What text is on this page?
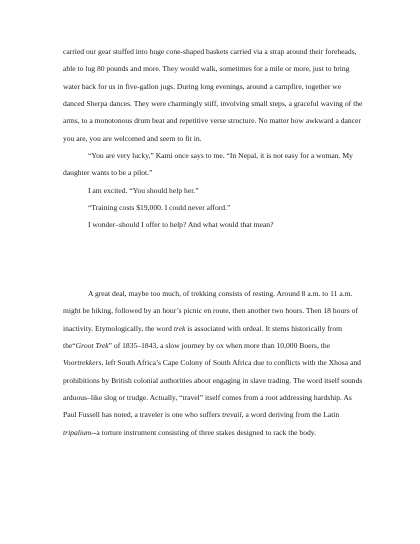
carried our gear stuffed into huge cone-shaped baskets carried via a strap around their foreheads, able to lug 80 pounds and more. They would walk, sometimes for a mile or more, just to bring water back for us in five-gallon jugs. During long evenings, around a campfire, together we danced Sherpa dances. They were charmingly stiff, involving small steps, a graceful waving of the arms, to a monotonous drum beat and repetitive verse structure. No matter how awkward a dancer you are, you are welcomed and seem to fit in.

“You are very lucky,” Kami once says to me. “In Nepal, it is not easy for a woman. My daughter wants to be a pilot.”

I am excited. “You should help her.”

“Training costs $19,000. I could never afford.”

I wonder–should I offer to help? And what would that mean?

A great deal, maybe too much, of trekking consists of resting. Around 8 a.m. to 11 a.m. might be hiking, followed by an hour’s picnic en route, then another two hours. Then 18 hours of inactivity. Etymologically, the word trek is associated with ordeal. It stems historically from the“Groot Trek” of 1835–1843, a slow journey by ox when more than 10,000 Boers, the Voortrekkers, left South Africa’s Cape Colony of South Africa due to conflicts with the Xhosa and prohibitions by British colonial authorities about engaging in slave trading. The word itself sounds arduous–like slog or trudge. Actually, “travel” itself comes from a root addressing hardship. As Paul Fussell has noted, a traveler is one who suffers trevail, a word deriving from the Latin tripalium--a torture instrument consisting of three stakes designed to rack the body.
